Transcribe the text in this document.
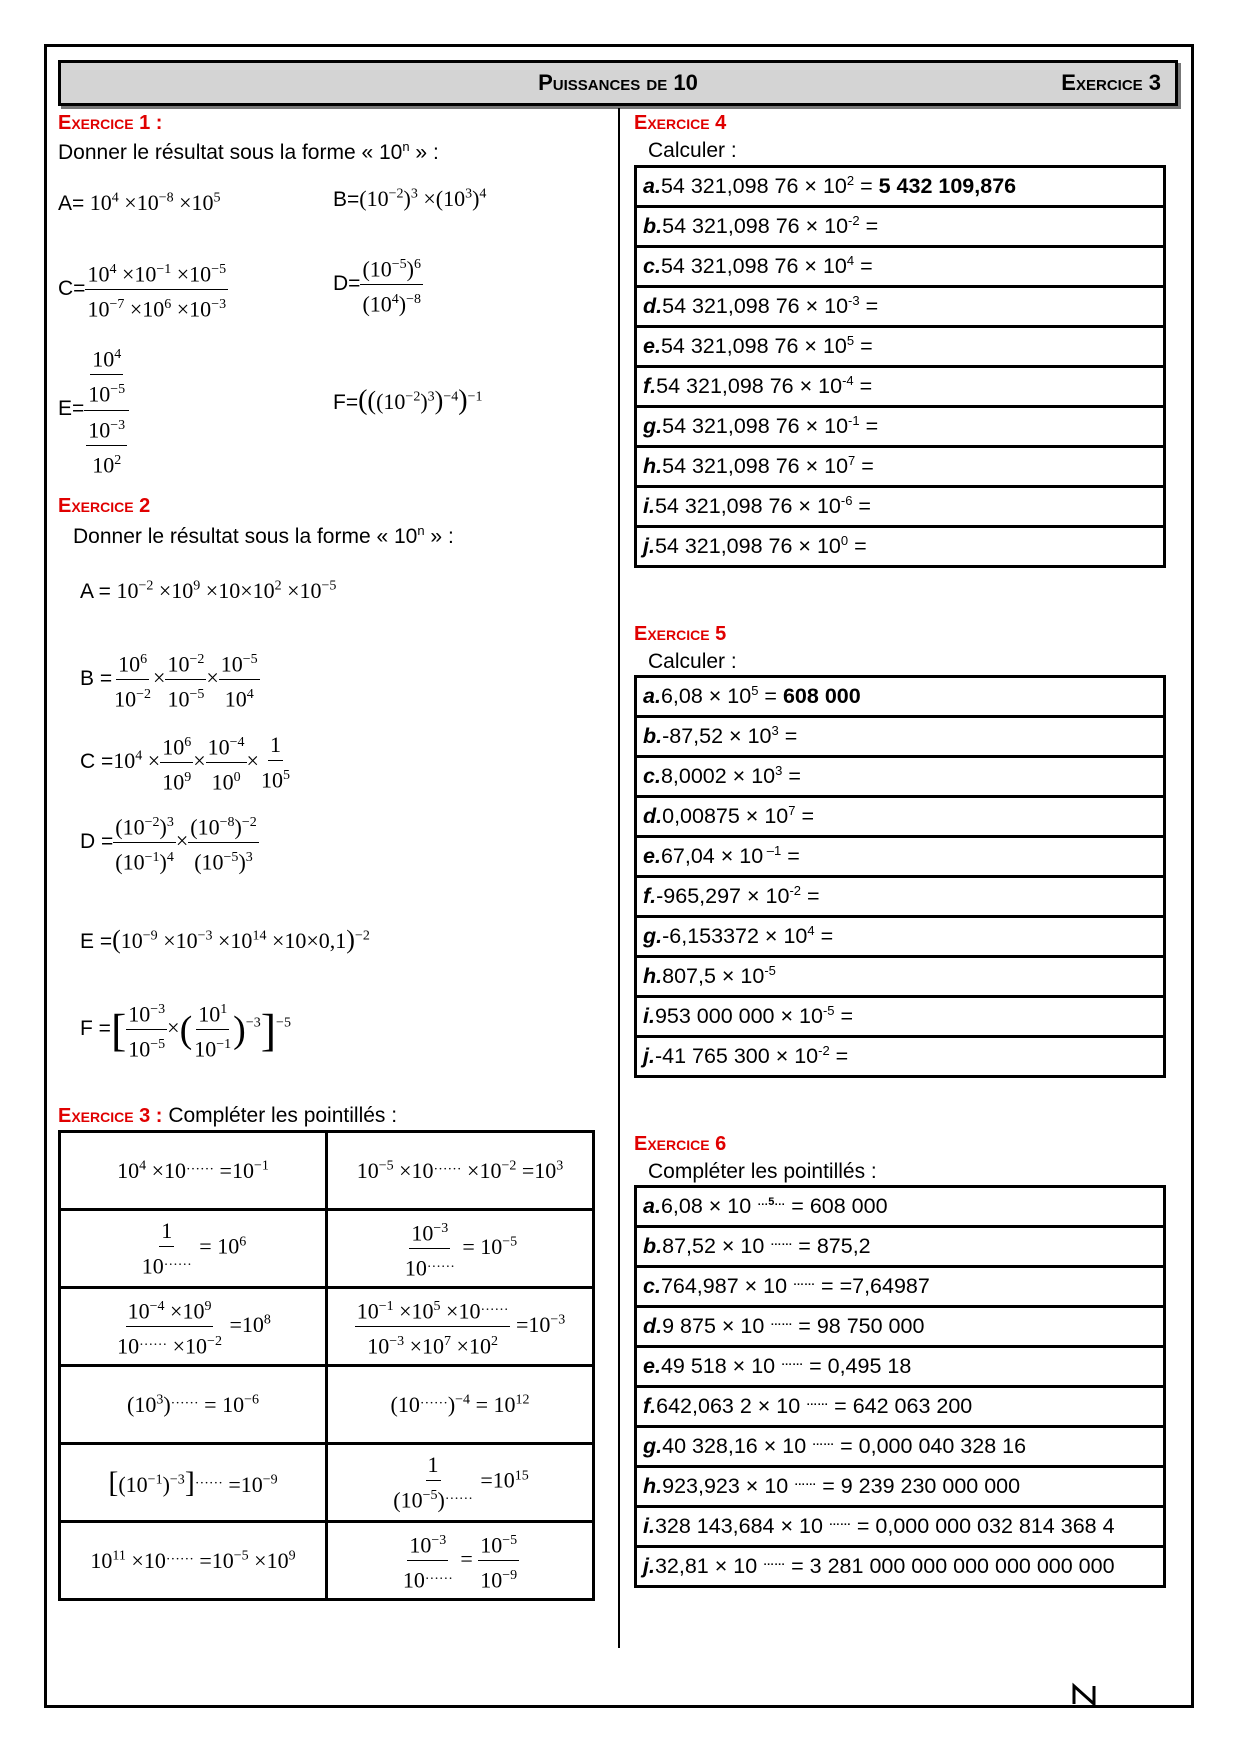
Puissances de 10	Exercice 3
Exercice 1 :
Donner le résultat sous la forme « 10$^n$ » :
$A= 10^4 \times 10^{-8} \times 10^5$	$B=(10^{-2})^3 \times(10^3)^4$
$C= \frac{10^4 \times 10^{-1} \times 10^{-5}}{10^{-7} \times 10^6 \times 10^{-3}}$	$D= \frac{(10^{-5})^6}{(10^4)^{-8}}$
$E= \frac{\frac{10^4}{10^{-5}}}{\frac{10^{-3}}{10^2}}$	$F=(((10^{-2})^3)^{-4})^{-1}$
Exercice 2
Donner le résultat sous la forme « 10$^n$ » :
$A = 10^{-2} \times 10^9 \times 10\times 10^2 \times 10^{-5}$
$B = \frac{10^6}{10^{-2}} \times \frac{10^{-2}}{10^{-5}} \times \frac{10^{-5}}{10^4}$
$C =10^4 \times \frac{10^6}{10^9} \times \frac{10^{-4}}{10^0} \times \frac{1}{10^5}$
$D = \frac{(10^{-2})^3}{(10^{-1})^4} \times \frac{(10^{-8})^{-2}}{(10^{-5})^3}$
$E =(10^{-9} \times 10^{-3} \times 10^{14} \times 10\times 0,1)^{-2}$
F =[ $\frac{10^{-3}}{10^{-5}}$ ×( $\frac{10^1}{10^{-1}} )^{-3}]^{-5}$
Exercice 3 : Compléter les pointillés :
$10^4 \times 10^{\dots\dots} =10^{-1}$	$10^{-5} \times 10^{\dots\dots} \times 10^{-2} =10^3$

$\frac{1}{10^{\dots\dots}} = 10^6$	$\frac{10^{-3}}{10^{\dots\dots}} = 10^{-5}$

$\frac{10^{-4} \times 10^9}{10^{\dots\dots} \times 10^{-2}} =10^8$	$\frac{10^{-1} \times 10^5 \times 10^{\dots\dots}}{10^{-3} \times 10^7 \times 10^2} =10^{-3}$
$(10^3)^{\dots\dots} = 10^{-6}$	$(10^{\dots\dots})^{-4} = 10^{12}$
$[(10^{-1})^{-3}]^{\dots\dots} =10^{-9}$	$\frac{1}{(10^{-5})^{\dots\dots}} =10^{15}$
$10^{11} \times 10^{\dots\dots} =10^{-5} \times 10^9$	$\frac{10^{-3}}{10^{\dots\dots}} = \frac{10^{-5}}{10^{-9}}$
Exercice 4
Calculer :
a.54 321,098 $76 \times 10^2 = 5$ 432 109,876
b.54 321,098 $76 \times 10^{-2}$ =
c.54 321,098 $76 \times 10^4$ =
d.54 321,098 $76 \times 10^{-3}$ =
e.54 321,098 $76 \times 10^5$ =
f.54 321,098 $76 \times 10^{-4}$ =
g.54 321,098 $76 \times 10^{-1}$ =
h.54 321,098 $76 \times 10^7$ =
i.54 321,098 $76 \times 10^{-6}$ =
j.54 321,098 $76 \times 10^0$ =
Exercice 5
Calculer :
$a.6,08 \times 10^5 = 608$ 000
$b.-87,52 \times 10^3$ =
$c.8,0002 \times 10^3$ =
$d.0,00875 \times 10^7$ =
e.67,04 × 10 $^{-1}$ =
$f.-965,297 \times 10^{-2}$ =
$g.-6,153372 \times 10^4$ =
$h.807,5 \times 10^{-5}$
i.953 000 $000 \times 10^{-5}$ =
j.-41 765 $300 \times 10^{-2}$ =
Exercice 6
Compléter les pointillés :
a.6,08 × 10 $^{\dots 5\dots}$ = 608 000
b.87,52 × 10 …… = 875,2
c.764,987 × 10 …… = =7,64987
d.9 875 × 10 …… = 98 750 000
e.49 518 × 10 …… = 0,495 18
f.642,063 2 × 10 …… = 642 063 200
g.40 328,16 × 10 …… = 0,000 040 328 16
h.923,923 × 10 …… = 9 239 230 000 000
i.328 143,684 × 10 …… = 0,000 000 032 814 368 4
j.32,81 × 10 …… = 3 281 000 000 000 000 000 000
